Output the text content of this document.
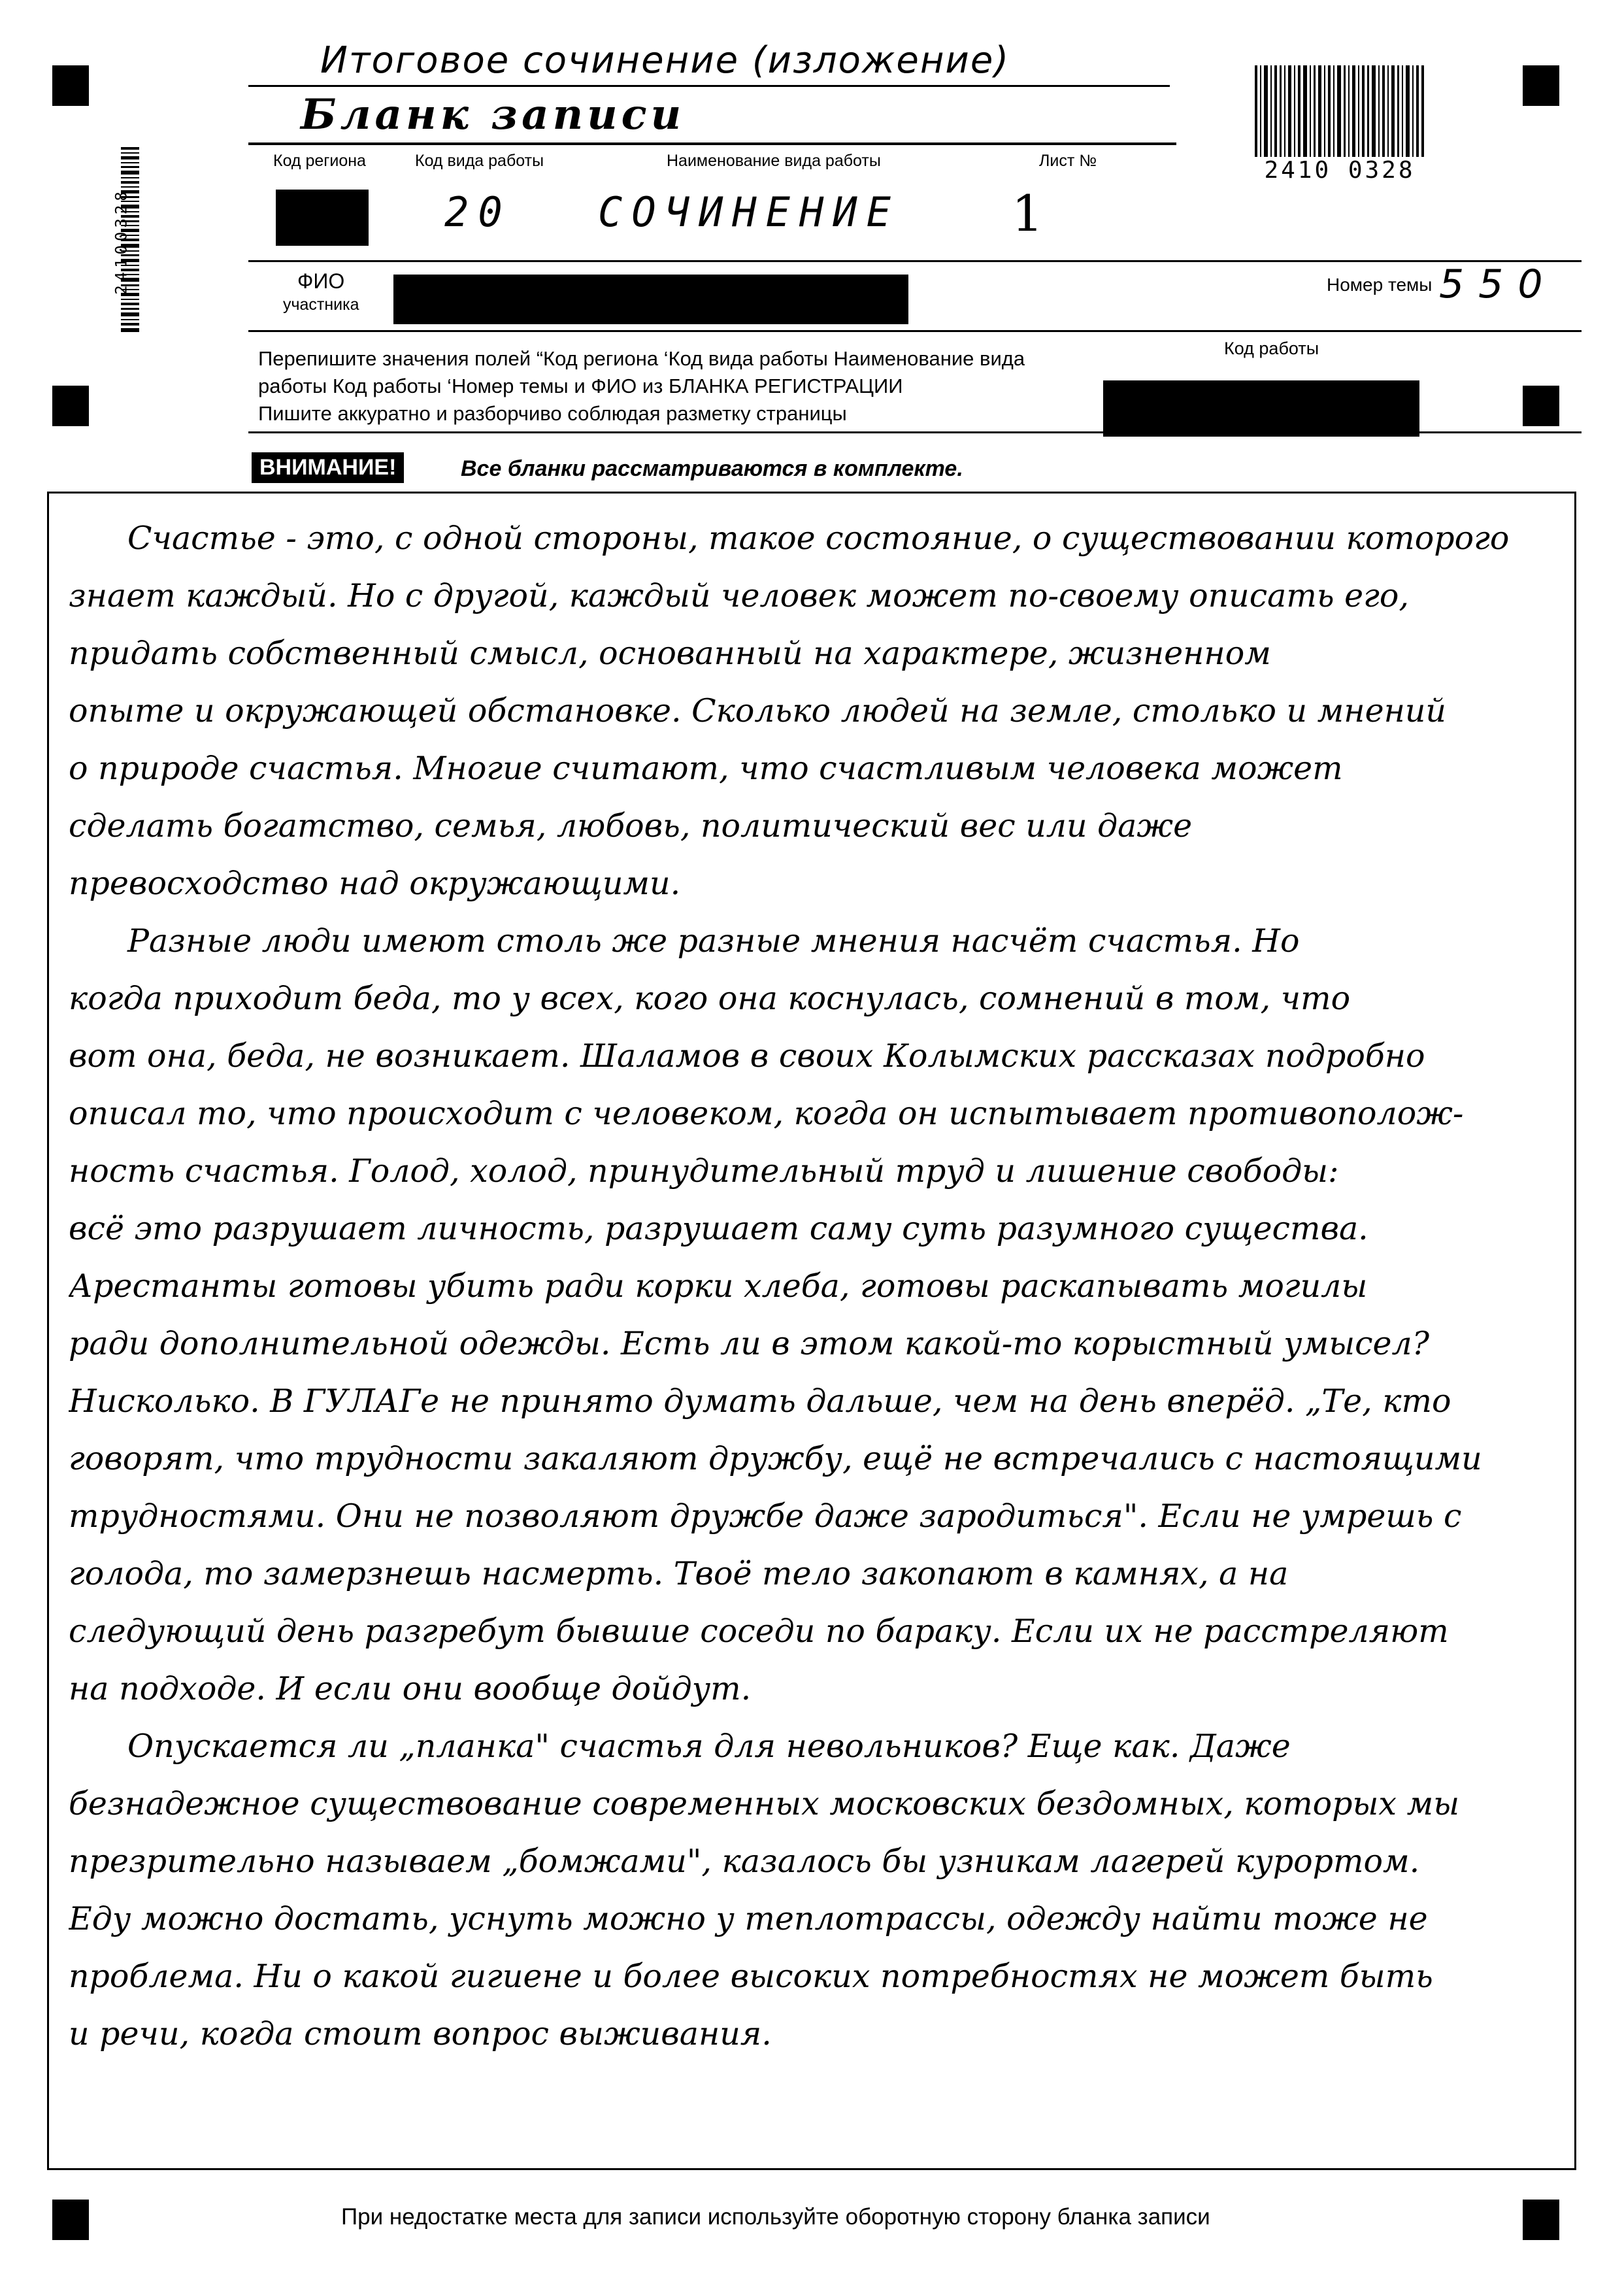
Итоговое сочинение (изложение)
Бланк записи
24100328
2410 0328
Код региона	Код вида работы	Наименование вида работы	Лист №
20 СОЧИНЕНИЕ 1
ФИО
участника
Номер темы 550
Перепишите значения полей “Код региона ‘Код вида работы Наименование вида
работы Код работы ‘Номер темы и ФИО из БЛАНКА РЕГИСТРАЦИИ
Пишите аккуратно и разборчиво соблюдая разметку страницы
Код работы
ВНИМАНИЕ!	Все бланки рассматриваются в комплекте.
Счастье - это, с одной стороны, такое состояние, о существовании которого
знает каждый. Но с другой, каждый человек может по-своему описать его,
придать собственный смысл, основанный на характере, жизненном
опыте и окружающей обстановке. Сколько людей на земле, столько и мнений
о природе счастья. Многие считают, что счастливым человека может
сделать богатство, семья, любовь, политический вес или даже
превосходство над окружающими.
Разные люди имеют столь же разные мнения насчёт счастья. Но
когда приходит беда, то у всех, кого она коснулась, сомнений в том, что
вот она, беда, не возникает. Шаламов в своих Колымских рассказах подробно
описал то, что происходит с человеком, когда он испытывает противополож-
ность счастья. Голод, холод, принудительный труд и лишение свободы:
всё это разрушает личность, разрушает саму суть разумного существа.
Арестанты готовы убить ради корки хлеба, готовы раскапывать могилы
ради дополнительной одежды. Есть ли в этом какой-то корыстный умысел?
Нисколько. В ГУЛАГе не принято думать дальше, чем на день вперёд. „Те, кто
говорят, что трудности закаляют дружбу, ещё не встречались с настоящими
трудностями. Они не позволяют дружбе даже зародиться". Если не умрешь с
голода, то замерзнешь насмерть. Твоё тело закопают в камнях, а на
следующий день разгребут бывшие соседи по бараку. Если их не расстреляют
на подходе. И если они вообще дойдут.
Опускается ли „планка" счастья для невольников? Еще как. Даже
безнадежное существование современных московских бездомных, которых мы
презрительно называем „бомжами", казалось бы узникам лагерей курортом.
Еду можно достать, уснуть можно у теплотрассы, одежду найти тоже не
проблема. Ни о какой гигиене и более высоких потребностях не может быть
и речи, когда стоит вопрос выживания.
При недостатке места для записи используйте оборотную сторону бланка записи
